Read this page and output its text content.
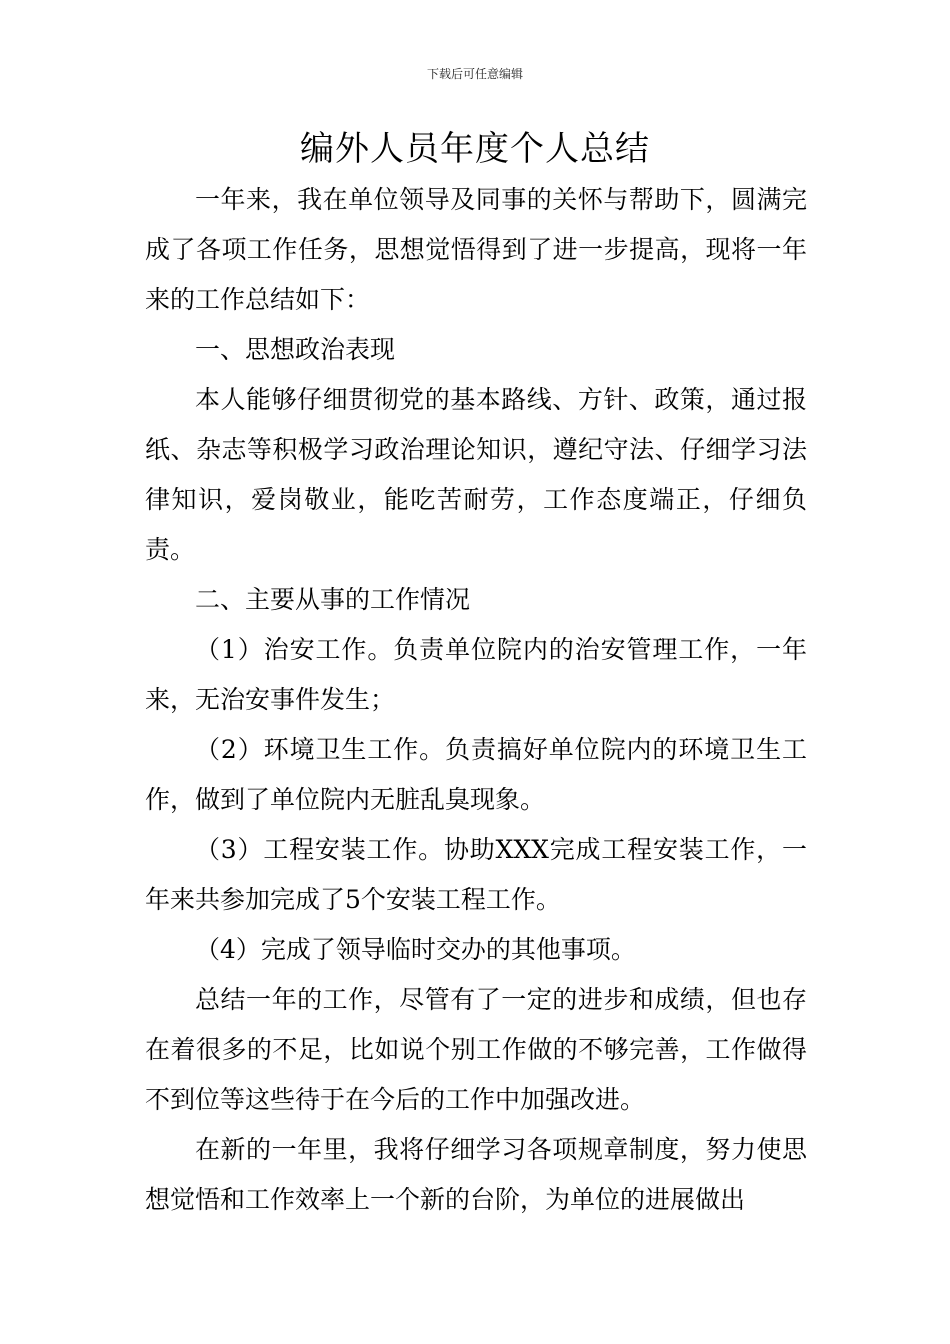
下载后可任意编辑
编外人员年度个人总结

一年来，我在单位领导及同事的关怀与帮助下，圆满完成了各项工作任务，思想觉悟得到了进一步提高，现将一年来的工作总结如下：

一、思想政治表现

本人能够仔细贯彻党的基本路线、方针、政策，通过报纸、杂志等积极学习政治理论知识，遵纪守法、仔细学习法律知识，爱岗敬业，能吃苦耐劳，工作态度端正，仔细负责。

二、主要从事的工作情况

（1）治安工作。负责单位院内的治安管理工作，一年来，无治安事件发生；

（2）环境卫生工作。负责搞好单位院内的环境卫生工作，做到了单位院内无脏乱臭现象。

（3）工程安装工作。协助XXX完成工程安装工作，一年来共参加完成了5个安装工程工作。

（4）完成了领导临时交办的其他事项。

总结一年的工作，尽管有了一定的进步和成绩，但也存在着很多的不足，比如说个别工作做的不够完善，工作做得不到位等这些待于在今后的工作中加强改进。

在新的一年里，我将仔细学习各项规章制度，努力使思想觉悟和工作效率上一个新的台阶，为单位的进展做出
